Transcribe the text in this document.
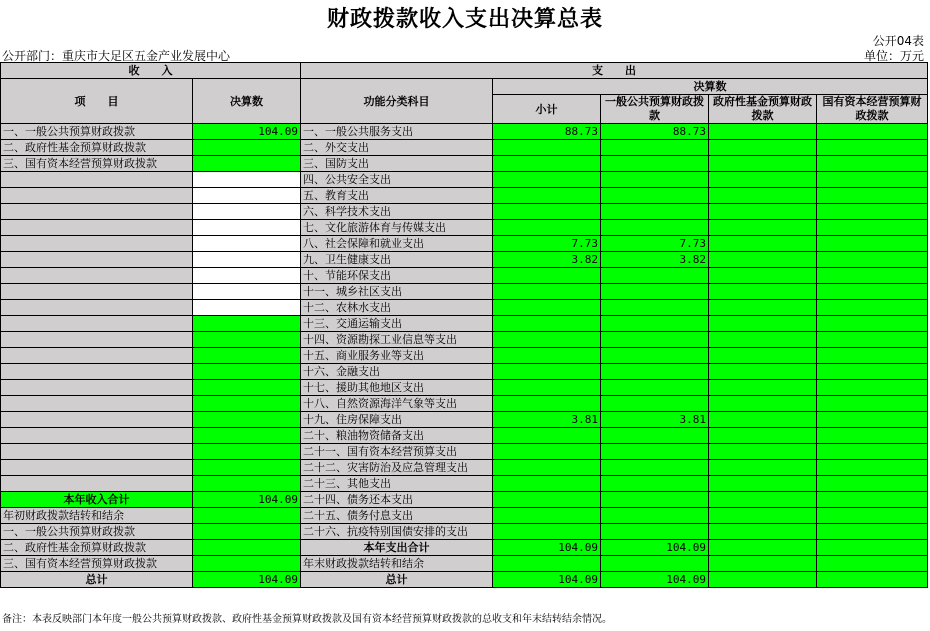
财政拨款收入支出决算总表
公开04表
公开部门：重庆市大足区五金产业发展中心	单位：万元
收　　入		支　　出				
项　　目	决算数	功能分类科目	决算数			
			小计	一般公共预算财政拨款	政府性基金预算财政拨款	国有资本经营预算财政拨款

一、一般公共预算财政拨款	104.09	一、一般公共服务支出	88.73	88.73		
二、政府性基金预算财政拨款		二、外交支出				
三、国有资本经营预算财政拨款		三、国防支出				
		四、公共安全支出				
		五、教育支出				
		六、科学技术支出				
		七、文化旅游体育与传媒支出				
		八、社会保障和就业支出	7.73	7.73		
		九、卫生健康支出	3.82	3.82		
		十、节能环保支出				
		十一、城乡社区支出				
		十二、农林水支出				
		十三、交通运输支出				
		十四、资源勘探工业信息等支出				
		十五、商业服务业等支出				
		十六、金融支出				
		十七、援助其他地区支出				
		十八、自然资源海洋气象等支出				
		十九、住房保障支出	3.81	3.81		
		二十、粮油物资储备支出				
		二十一、国有资本经营预算支出				
		二十二、灾害防治及应急管理支出				
		二十三、其他支出				
本年收入合计	104.09	二十四、债务还本支出				
年初财政拨款结转和结余		二十五、债务付息支出				
一、一般公共预算财政拨款		二十六、抗疫特别国债安排的支出				
二、政府性基金预算财政拨款		本年支出合计	104.09	104.09		
三、国有资本经营预算财政拨款		年末财政拨款结转和结余				
总计	104.09	总计	104.09	104.09		
备注：本表反映部门本年度一般公共预算财政拨款、政府性基金预算财政拨款及国有资本经营预算财政拨款的总收支和年末结转结余情况。
